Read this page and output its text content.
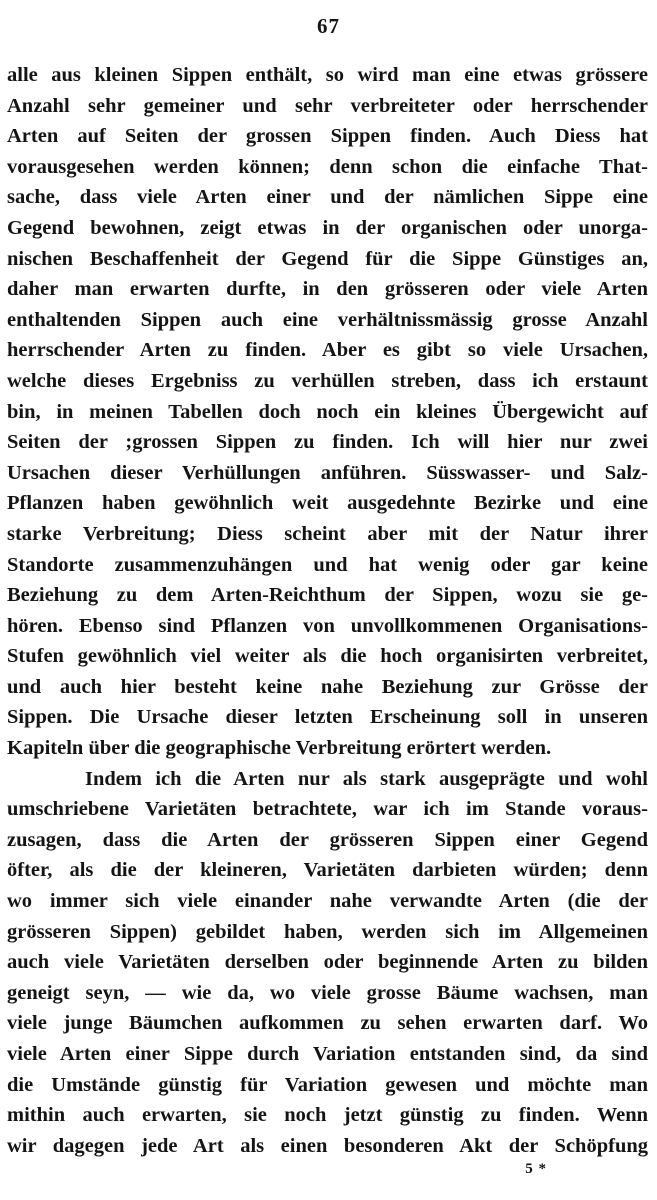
67
alle aus kleinen Sippen enthält, so wird man eine etwas grössere
Anzahl sehr gemeiner und sehr verbreiteter oder herrschender
Arten auf Seiten der grossen Sippen finden. Auch Diess hat
vorausgesehen werden können; denn schon die einfache That-
sache, dass viele Arten einer und der nämlichen Sippe eine
Gegend bewohnen, zeigt etwas in der organischen oder unorga-
nischen Beschaffenheit der Gegend für die Sippe Günstiges an,
daher man erwarten durfte, in den grösseren oder viele Arten
enthaltenden Sippen auch eine verhältnissmässig grosse Anzahl
herrschender Arten zu finden. Aber es gibt so viele Ursachen,
welche dieses Ergebniss zu verhüllen streben, dass ich erstaunt
bin, in meinen Tabellen doch noch ein kleines Übergewicht auf
Seiten der ;grossen Sippen zu finden. Ich will hier nur zwei
Ursachen dieser Verhüllungen anführen. Süsswasser- und Salz-
Pflanzen haben gewöhnlich weit ausgedehnte Bezirke und eine
starke Verbreitung; Diess scheint aber mit der Natur ihrer
Standorte zusammenzuhängen und hat wenig oder gar keine
Beziehung zu dem Arten-Reichthum der Sippen, wozu sie ge-
hören. Ebenso sind Pflanzen von unvollkommenen Organisations-
Stufen gewöhnlich viel weiter als die hoch organisirten verbreitet,
und auch hier besteht keine nahe Beziehung zur Grösse der
Sippen. Die Ursache dieser letzten Erscheinung soll in unseren
Kapiteln über die geographische Verbreitung erörtert werden.
Indem ich die Arten nur als stark ausgeprägte und wohl
umschriebene Varietäten betrachtete, war ich im Stande voraus-
zusagen, dass die Arten der grösseren Sippen einer Gegend
öfter, als die der kleineren, Varietäten darbieten würden; denn
wo immer sich viele einander nahe verwandte Arten (die der
grösseren Sippen) gebildet haben, werden sich im Allgemeinen
auch viele Varietäten derselben oder beginnende Arten zu bilden
geneigt seyn, — wie da, wo viele grosse Bäume wachsen, man
viele junge Bäumchen aufkommen zu sehen erwarten darf. Wo
viele Arten einer Sippe durch Variation entstanden sind, da sind
die Umstände günstig für Variation gewesen und möchte man
mithin auch erwarten, sie noch jetzt günstig zu finden. Wenn
wir dagegen jede Art als einen besonderen Akt der Schöpfung
5 *
